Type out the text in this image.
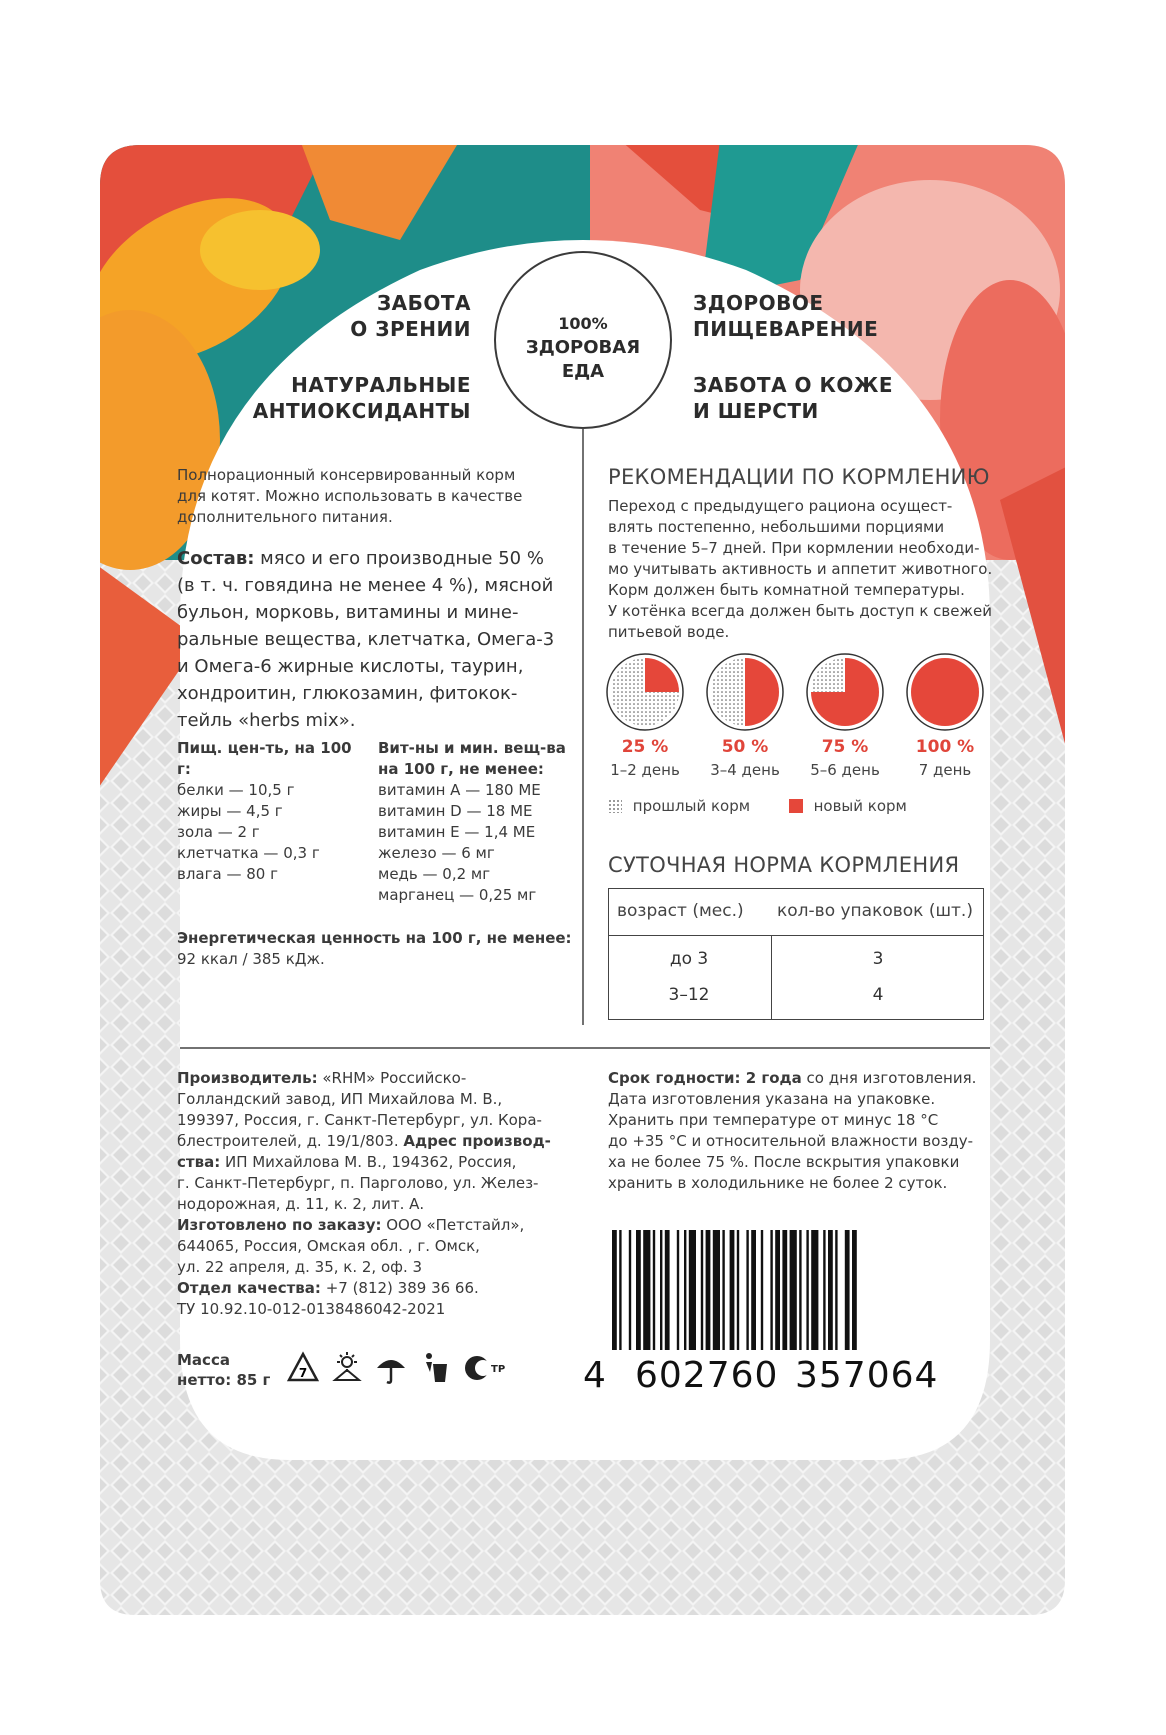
ЗАБОТА
О ЗРЕНИИ
НАТУРАЛЬНЫЕ
АНТИОКСИДАНТЫ
ЗДОРОВОЕ
ПИЩЕВАРЕНИЕ
ЗАБОТА О КОЖЕ
И ШЕРСТИ
100%
ЗДОРОВАЯ
ЕДА
Полнорационный консервированный корм
для котят. Можно использовать в качестве
дополнительного питания.
Состав: мясо и его производные 50 %
(в т. ч. говядина не менее 4 %), мясной
бульон, морковь, витамины и мине-
ральные вещества, клетчатка, Омега-3
и Омега-6 жирные кислоты, таурин,
хондроитин, глюкозамин, фитокок-
тейль «herbs mix».
Пищ. цен-ть, на 100 г:
белки — 10,5 г
жиры — 4,5 г
зола — 2 г
клетчатка — 0,3 г
влага — 80 г
Вит-ны и мин. вещ-ва
на 100 г, не менее:
витамин А — 180 МЕ
витамин D — 18 МЕ
витамин Е — 1,4 МЕ
железо — 6 мг
медь — 0,2 мг
марганец — 0,25 мг
Энергетическая ценность на 100 г, не менее:
92 ккал / 385 кДж.
РЕКОМЕНДАЦИИ ПО КОРМЛЕНИЮ
Переход с предыдущего рациона осущест-
влять постепенно, небольшими порциями
в течение 5–7 дней. При кормлении необходи-
мо учитывать активность и аппетит животного.
Корм должен быть комнатной температуры.
У котёнка всегда должен быть доступ к свежей
питьевой воде.
25 %	50 %	75 %	100 %
1–2 день	3–4 день	5–6 день	7 день
прошлый корм	новый корм
СУТОЧНАЯ НОРМА КОРМЛЕНИЯ
возраст (мес.) кол-во упаковок (шт.)
до 3	3
3–12	4
Производитель: «RHM» Российско-
Голландский завод, ИП Михайлова М. В.,
199397, Россия, г. Санкт-Петербург, ул. Кора-
блестроителей, д. 19/1/803. Адрес производ-
ства: ИП Михайлова М. В., 194362, Россия,
г. Санкт-Петербург, п. Парголово, ул. Желез-
нодорожная, д. 11, к. 2, лит. А.
Изготовлено по заказу: ООО «Петстайл»,
644065, Россия, Омская обл. , г. Омск,
ул. 22 апреля, д. 35, к. 2, оф. 3
Отдел качества: +7 (812) 389 36 66.
ТУ 10.92.10-012-0138486042-2021
Срок годности: 2 года со дня изготовления.
Дата изготовления указана на упаковке.
Хранить при температуре от минус 18 °C
до +35 °C и относительной влажности возду-
ха не более 75 %. После вскрытия упаковки
хранить в холодильнике не более 2 суток.
Масса
нетто: 85 г 7	ТР 4 602760 357064
